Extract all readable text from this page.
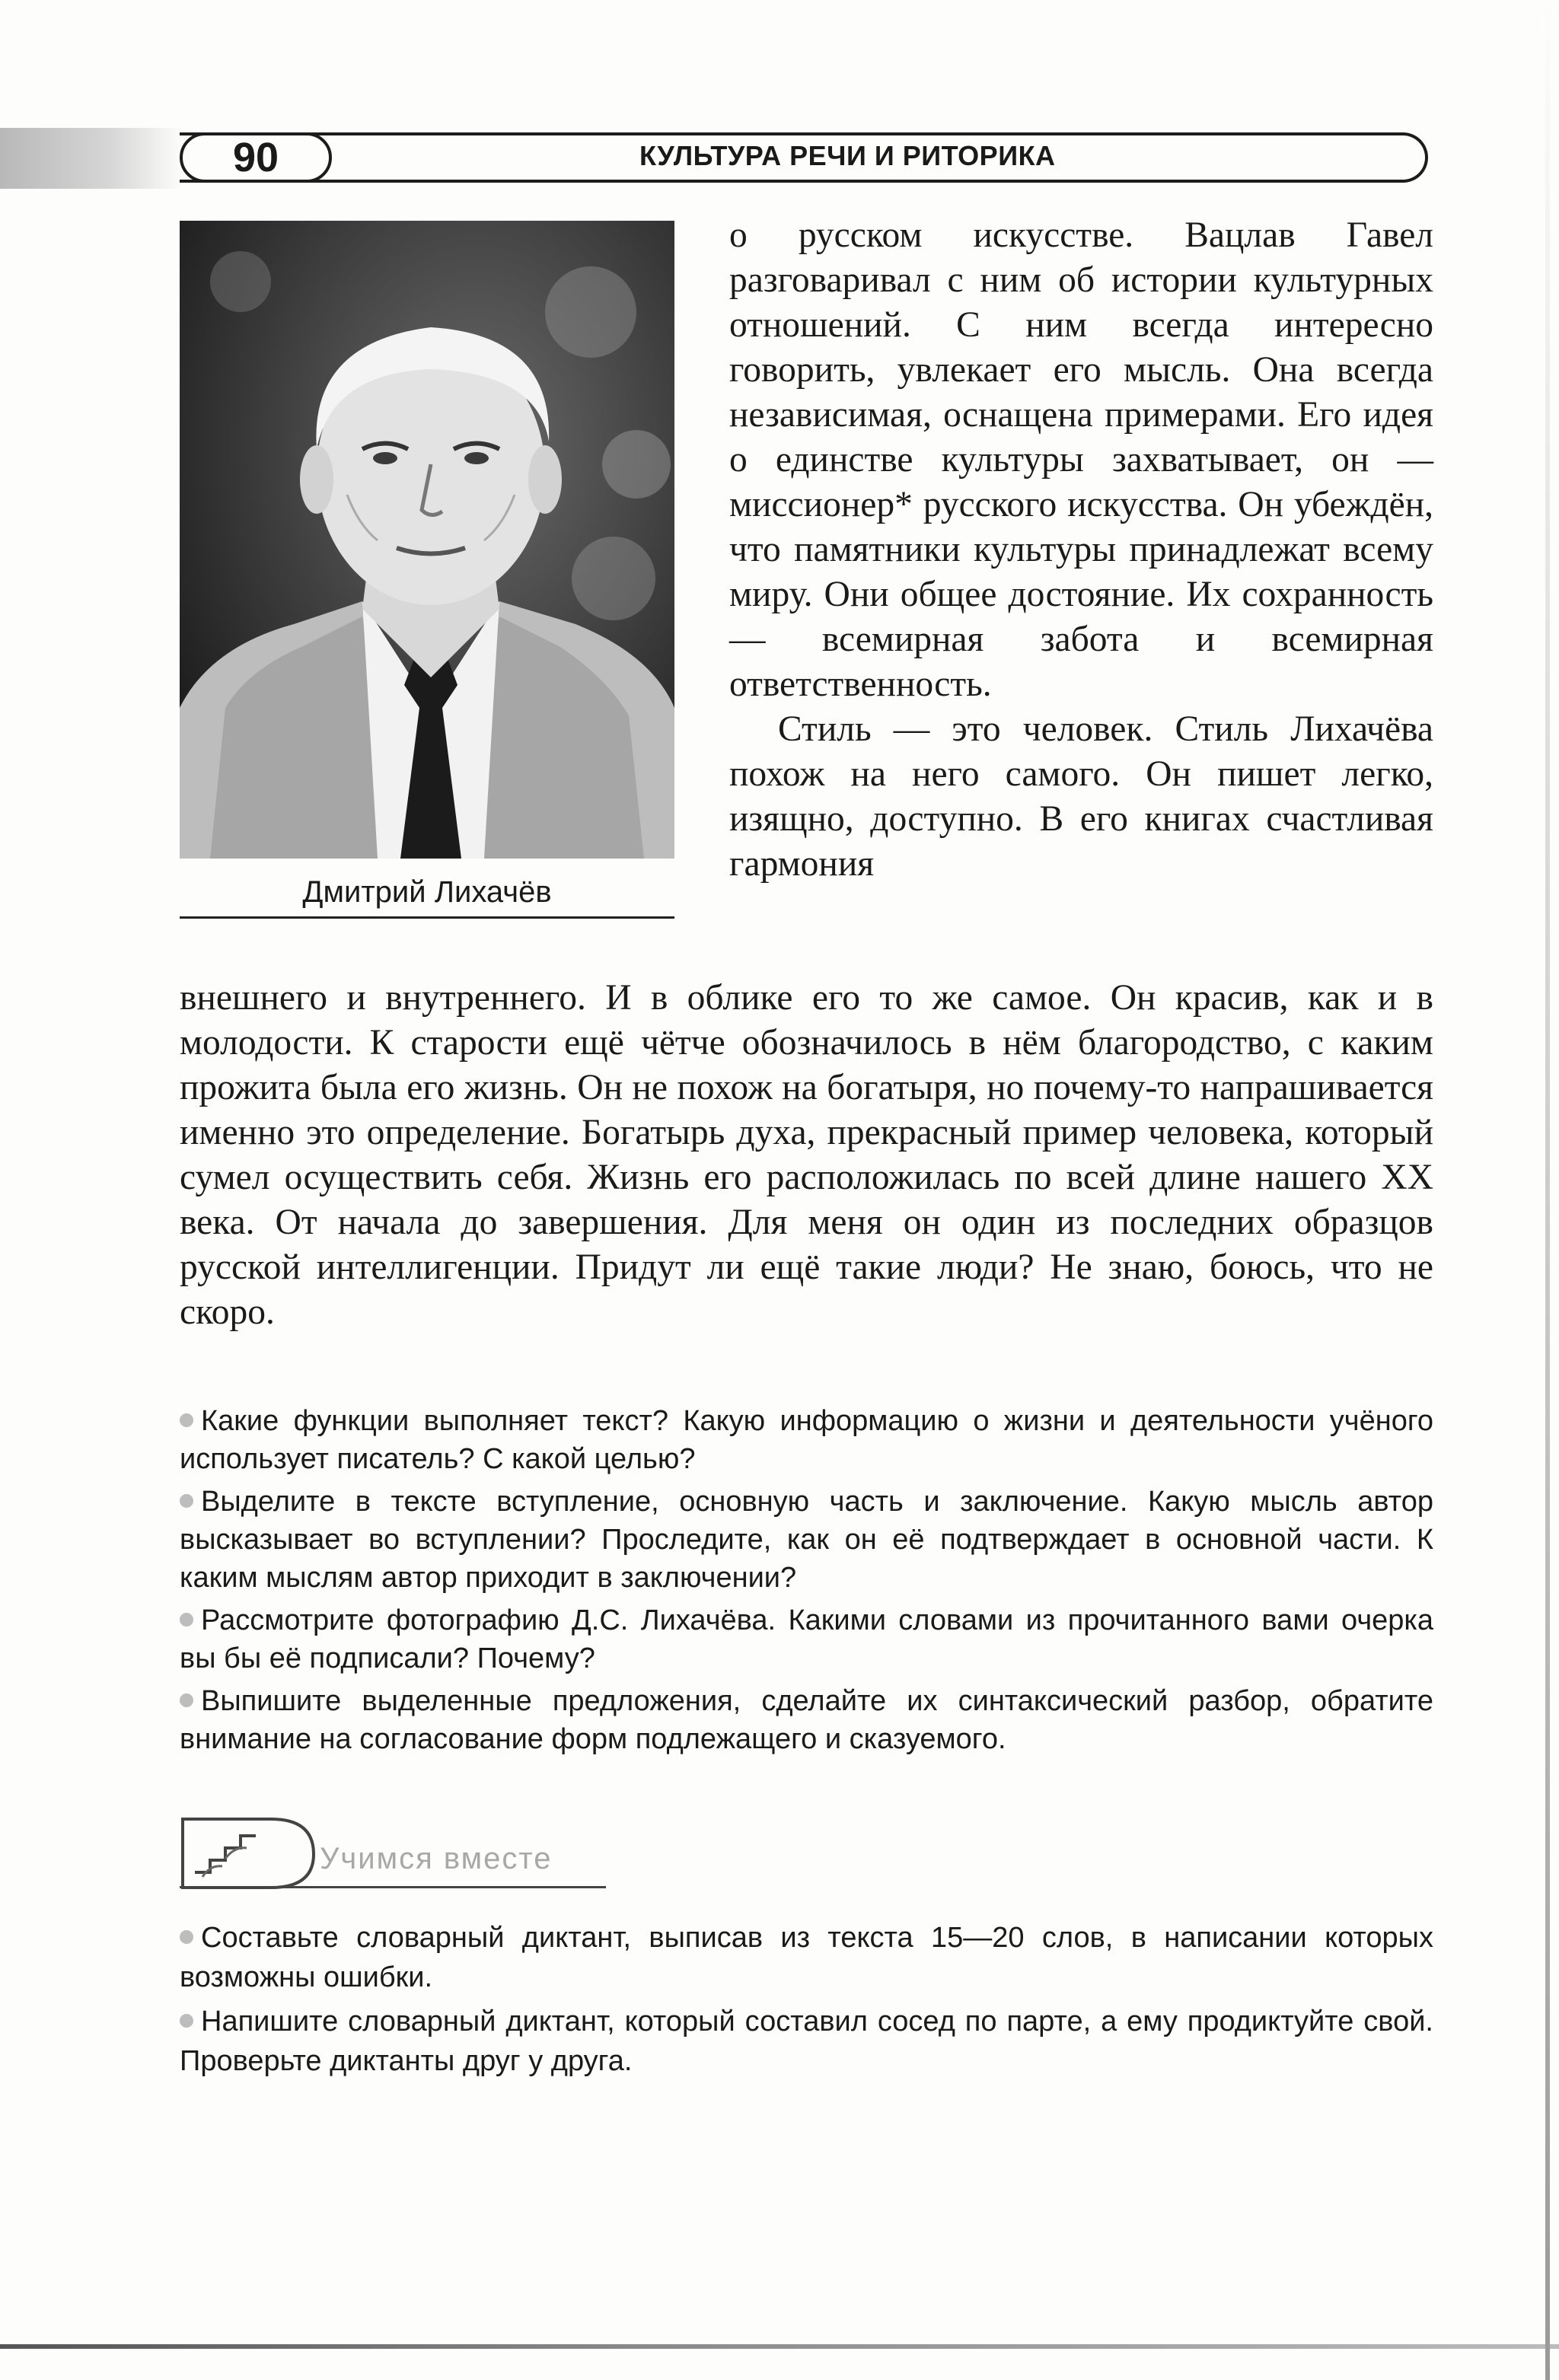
90	КУЛЬТУРА РЕЧИ И РИТОРИКА
Дмитрий Лихачёв

о русском искусстве. Вацлав Гавел разговаривал с ним об истории культурных отношений. С ним всегда интересно говорить, увлекает его мысль. Она всегда независимая, оснащена примерами. Его идея о единстве культуры захватывает, он — миссионер* русского искусства. Он убеждён, что памятники культуры принадлежат всему миру. Они общее достояние. Их сохранность — всемирная забота и всемирная ответственность.

Стиль — это человек. Стиль Лихачёва похож на него самого. Он пишет легко, изящно, доступно. В его книгах счастливая гармония

внешнего и внутреннего. И в облике его то же самое. Он красив, как и в молодости. К старости ещё чётче обозначилось в нём благородство, с каким прожита была его жизнь. Он не похож на богатыря, но почему-то напрашивается именно это определение. Богатырь духа, прекрасный пример человека, который сумел осуществить себя. Жизнь его расположилась по всей длине нашего XX века. От начала до завершения. Для меня он один из последних образцов русской интеллигенции. Придут ли ещё такие люди? Не знаю, боюсь, что не скоро.

Какие функции выполняет текст? Какую информацию о жизни и деятельности учёного использует писатель? С какой целью?

Выделите в тексте вступление, основную часть и заключение. Какую мысль автор высказывает во вступлении? Проследите, как он её подтверждает в основной части. К каким мыслям автор приходит в заключении?

Рассмотрите фотографию Д.С. Лихачёва. Какими словами из прочитанного вами очерка вы бы её подписали? Почему?

Выпишите выделенные предложения, сделайте их синтаксический разбор, обратите внимание на согласование форм подлежащего и сказуемого.

Учимся вместе

Составьте словарный диктант, выписав из текста 15—20 слов, в написании которых возможны ошибки.

Напишите словарный диктант, который составил сосед по парте, а ему продиктуйте свой. Проверьте диктанты друг у друга.
